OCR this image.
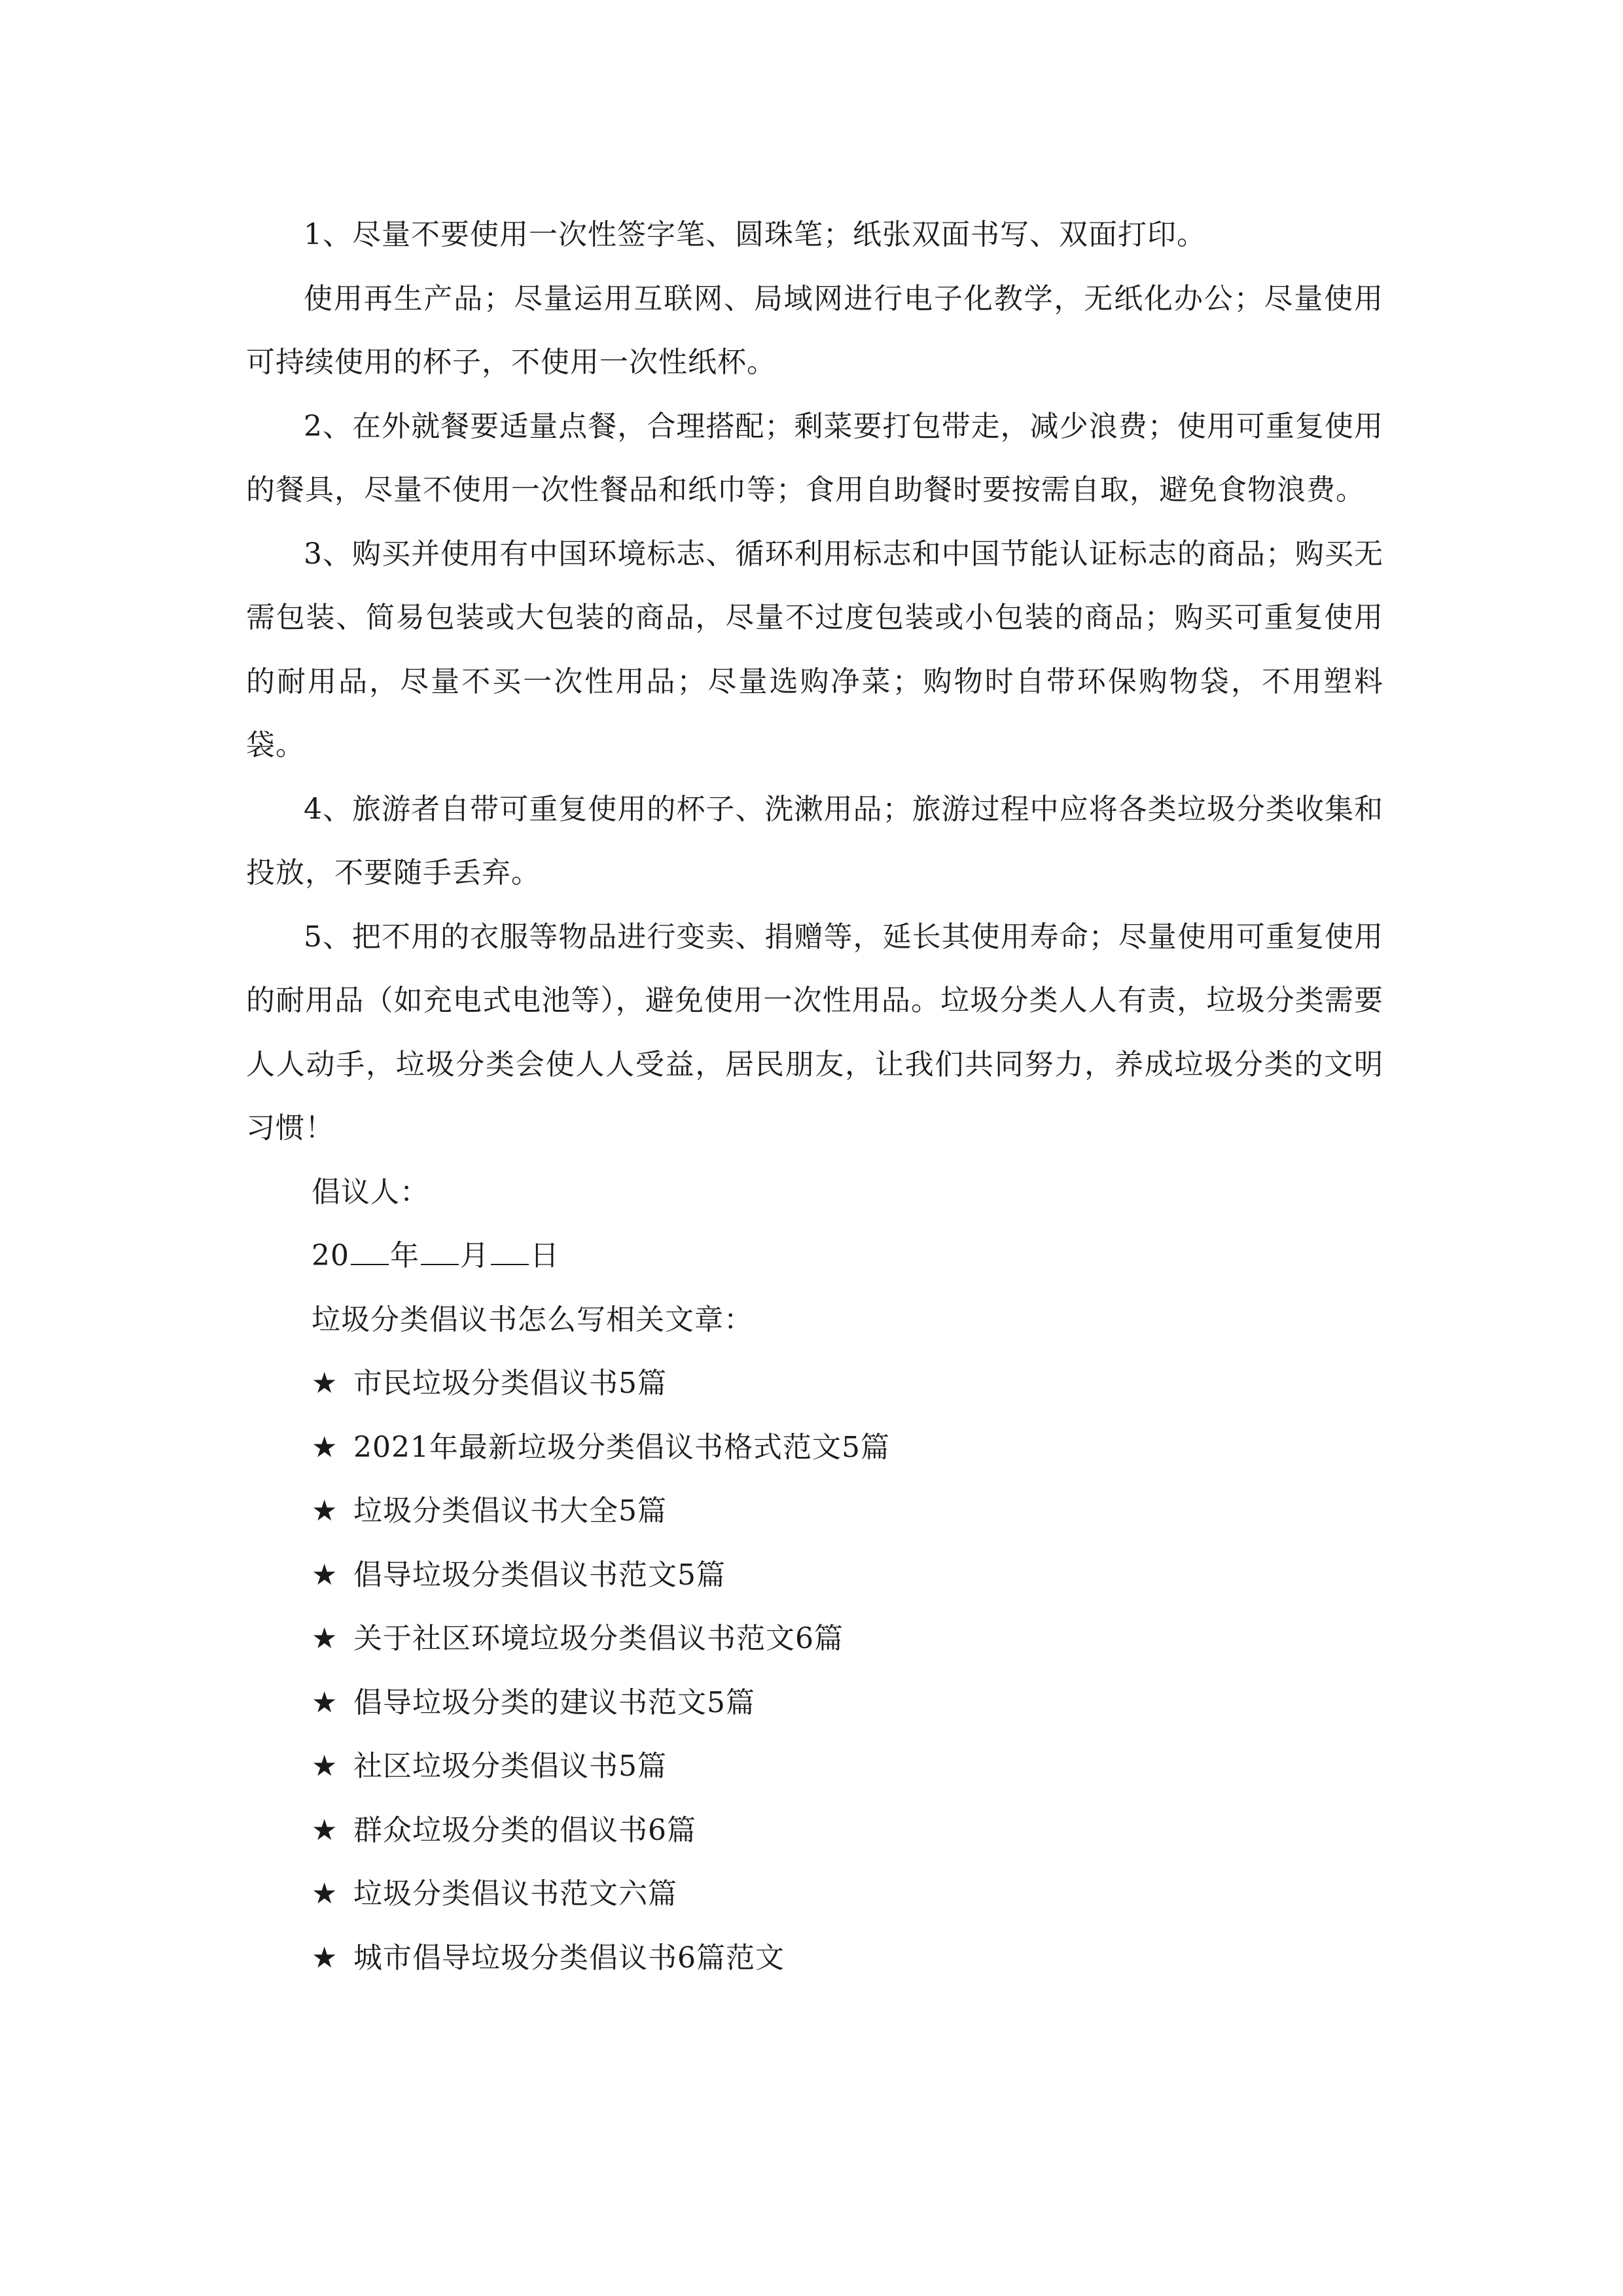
1、尽量不要使用一次性签字笔、圆珠笔；纸张双面书写、双面打印。

使用再生产品；尽量运用互联网、局域网进行电子化教学，无纸化办公；尽量使用可持续使用的杯子，不使用一次性纸杯。

2、在外就餐要适量点餐，合理搭配；剩菜要打包带走，减少浪费；使用可重复使用的餐具，尽量不使用一次性餐品和纸巾等；食用自助餐时要按需自取，避免食物浪费。

3、购买并使用有中国环境标志、循环利用标志和中国节能认证标志的商品；购买无需包装、简易包装或大包装的商品，尽量不过度包装或小包装的商品；购买可重复使用的耐用品，尽量不买一次性用品；尽量选购净菜；购物时自带环保购物袋，不用塑料袋。

4、旅游者自带可重复使用的杯子、洗漱用品；旅游过程中应将各类垃圾分类收集和投放，不要随手丢弃。

5、把不用的衣服等物品进行变卖、捐赠等，延长其使用寿命；尽量使用可重复使用的耐用品（如充电式电池等），避免使用一次性用品。垃圾分类人人有责，垃圾分类需要人人动手，垃圾分类会使人人受益，居民朋友，让我们共同努力，养成垃圾分类的文明习惯！

倡议人：

20 年 月 日

垃圾分类倡议书怎么写相关文章：

★ 市民垃圾分类倡议书5篇

★ 2021年最新垃圾分类倡议书格式范文5篇

★ 垃圾分类倡议书大全5篇

★ 倡导垃圾分类倡议书范文5篇

★ 关于社区环境垃圾分类倡议书范文6篇

★ 倡导垃圾分类的建议书范文5篇

★ 社区垃圾分类倡议书5篇

★ 群众垃圾分类的倡议书6篇

★ 垃圾分类倡议书范文六篇

★ 城市倡导垃圾分类倡议书6篇范文
